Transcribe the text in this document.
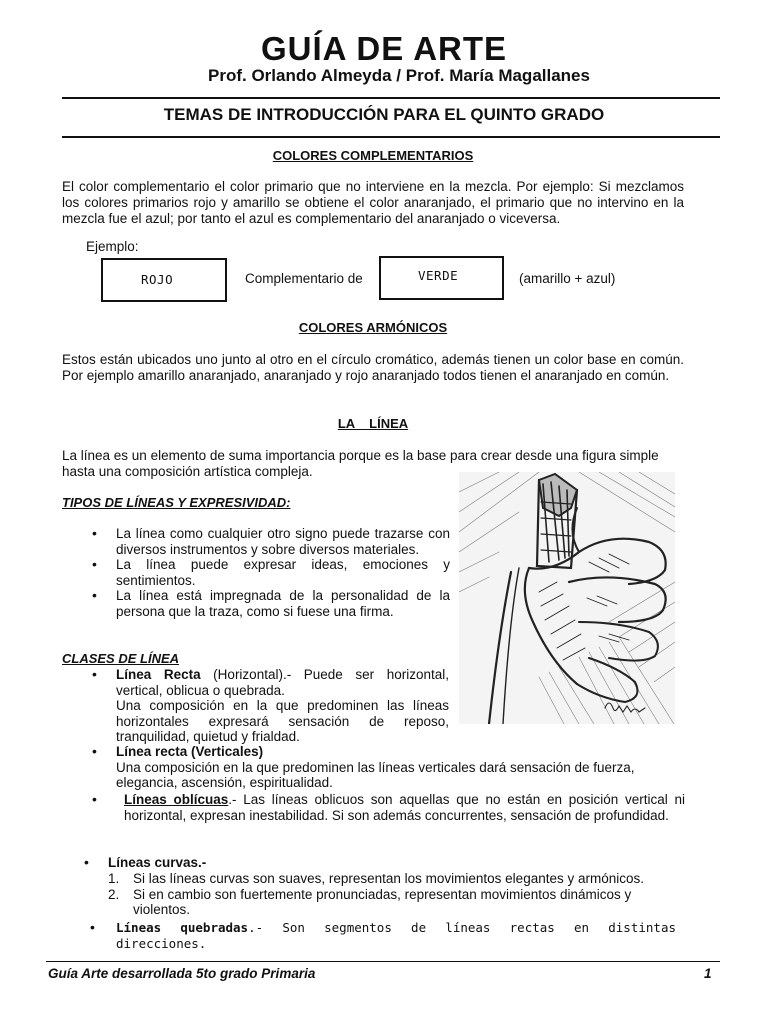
GUÍA DE ARTE
Prof. Orlando Almeyda / Prof. María Magallanes
TEMAS DE INTRODUCCIÓN PARA EL QUINTO GRADO
COLORES COMPLEMENTARIOS

El color complementario el color primario que no interviene en la mezcla. Por ejemplo: Si mezclamos los colores primarios rojo y amarillo se obtiene el color anaranjado, el primario que no intervino en la mezcla fue el azul; por tanto el azul es complementario del anaranjado o viceversa.

Ejemplo:
ROJO	Complementario de	VERDE	(amarillo + azul)
COLORES ARMÓNICOS

Estos están ubicados uno junto al otro en el círculo cromático, además tienen un color base en común. Por ejemplo amarillo anaranjado, anaranjado y rojo anaranjado todos tienen el anaranjado en común.

LA    LÍNEA

La línea es un elemento de suma importancia porque es la base para crear desde una figura simple hasta una composición artística compleja.

TIPOS DE LÍNEAS Y EXPRESIVIDAD:
• La línea como cualquier otro signo puede trazarse con diversos instrumentos y sobre diversos materiales.
• La línea puede expresar ideas, emociones y sentimientos.
• La línea está impregnada de la personalidad de la persona que la traza, como si fuese una firma.
CLASES DE LÍNEA
• Línea Recta (Horizontal).- Puede ser horizontal, vertical, oblicua o quebrada.
Una composición en la que predominen las líneas horizontales expresará sensación de reposo, tranquilidad, quietud y frialdad.
• Línea recta (Verticales)
Una composición en la que predominen las líneas verticales dará sensación de fuerza, elegancia, ascensión, espiritualidad.
• Líneas oblícuas.- Las líneas oblicuos son aquellas que no están en posición vertical ni horizontal, expresan inestabilidad. Si son además concurrentes, sensación de profundidad.
• Líneas curvas.-
1. Si las líneas curvas son suaves, representan los movimientos elegantes y armónicos.
2. Si en cambio son fuertemente pronunciadas, representan movimientos dinámicos y violentos.
• Líneas quebradas.- Son segmentos de líneas rectas en distintas direcciones.
Guía Arte desarrollada 5to grado Primaria	1
